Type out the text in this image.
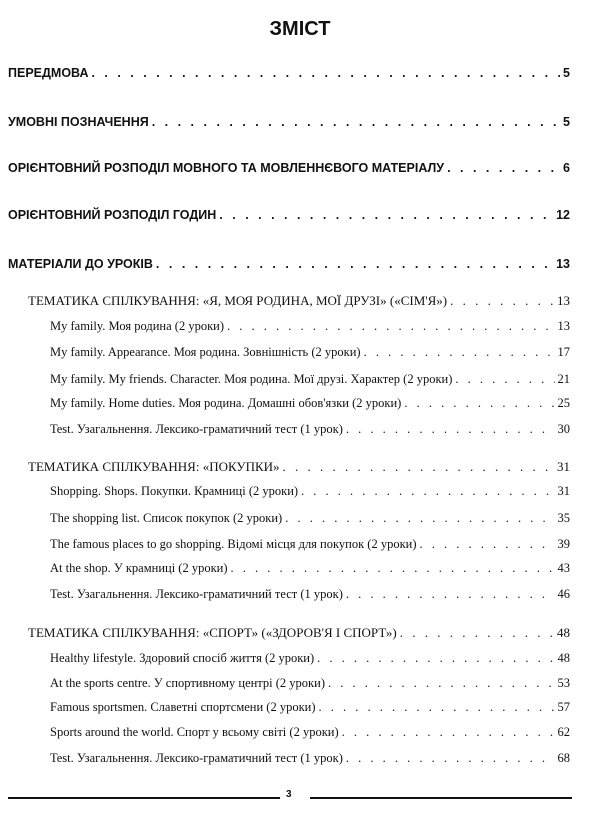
ЗМІСТ
ПЕРЕДМОВА . . .	5
УМОВНІ ПОЗНАЧЕННЯ . . .	5
ОРІЄНТОВНИЙ РОЗПОДІЛ МОВНОГО ТА МОВЛЕННЄВОГО МАТЕРІАЛУ . . .	6
ОРІЄНТОВНИЙ РОЗПОДІЛ ГОДИН . . .	12
МАТЕРІАЛИ ДО УРОКІВ . . .	13
ТЕМАТИКА СПІЛКУВАННЯ: «Я, МОЯ РОДИНА, МОЇ ДРУЗІ» («СІМ'Я») . . .	13
My family. Моя родина (2 уроки) . . .	13
My family. Appearance. Моя родина. Зовнішність (2 уроки) . . .	17
My family. My friends. Character. Моя родина. Мої друзі. Характер (2 уроки) . . .	21
My family. Home duties. Моя родина. Домашні обов'язки (2 уроки) . . .	25
Test. Узагальнення. Лексико-граматичний тест (1 урок) . . .	30
ТЕМАТИКА СПІЛКУВАННЯ: «ПОКУПКИ» . . .	31
Shopping. Shops. Покупки. Крамниці (2 уроки) . . .	31
The shopping list. Список покупок (2 уроки) . . .	35
The famous places to go shopping. Відомі місця для покупок (2 уроки) . . .	39
At the shop. У крамниці (2 уроки) . . .	43
Test. Узагальнення. Лексико-граматичний тест (1 урок) . . .	46
ТЕМАТИКА СПІЛКУВАННЯ: «СПОРТ» («ЗДОРОВ'Я І СПОРТ») . . .	48
Healthy lifestyle. Здоровий спосіб життя (2 уроки) . . .	48
At the sports centre. У спортивному центрі (2 уроки) . . .	53
Famous sportsmen. Славетні спортсмени (2 уроки) . . .	57
Sports around the world. Спорт у всьому світі (2 уроки) . . .	62
Test. Узагальнення. Лексико-граматичний тест (1 урок) . . .	68
3
